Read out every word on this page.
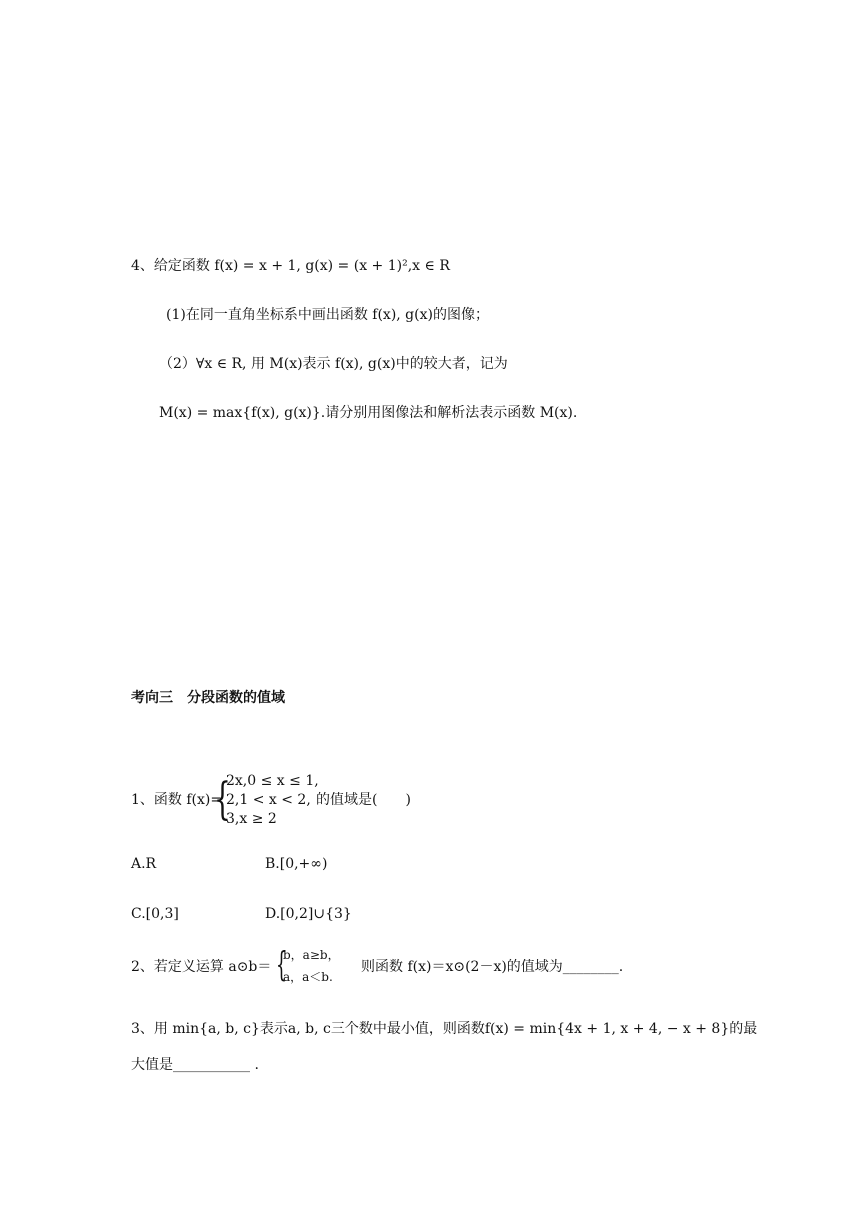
4、给定函数 f(x) = x + 1, g(x) = (x + 1)²,x ∈ R
(1)在同一直角坐标系中画出函数 f(x), g(x)的图像；
（2）∀x ∈ R, 用 M(x)表示 f(x), g(x)中的较大者，记为
M(x) = max{f(x), g(x)}.请分别用图像法和解析法表示函数 M(x).
考向三　分段函数的值域
1、函数 f(x)=
{
2x,0 ≤ x ≤ 1,
2,1 < x < 2,
3,x ≥ 2
的值域是(　　)
A.R	B.[0,+∞)
C.[0,3]	D.[0,2]∪{3}
2、若定义运算 a⊙b＝ {
b，a≥b，
a，a＜b.
则函数 f(x)＝x⊙(2－x)的值域为________.
3、用 min{a, b, c}表示a, b, c三个数中最小值，则函数f(x) = min{4x + 1, x + 4, − x + 8}的最
大值是___________ .
